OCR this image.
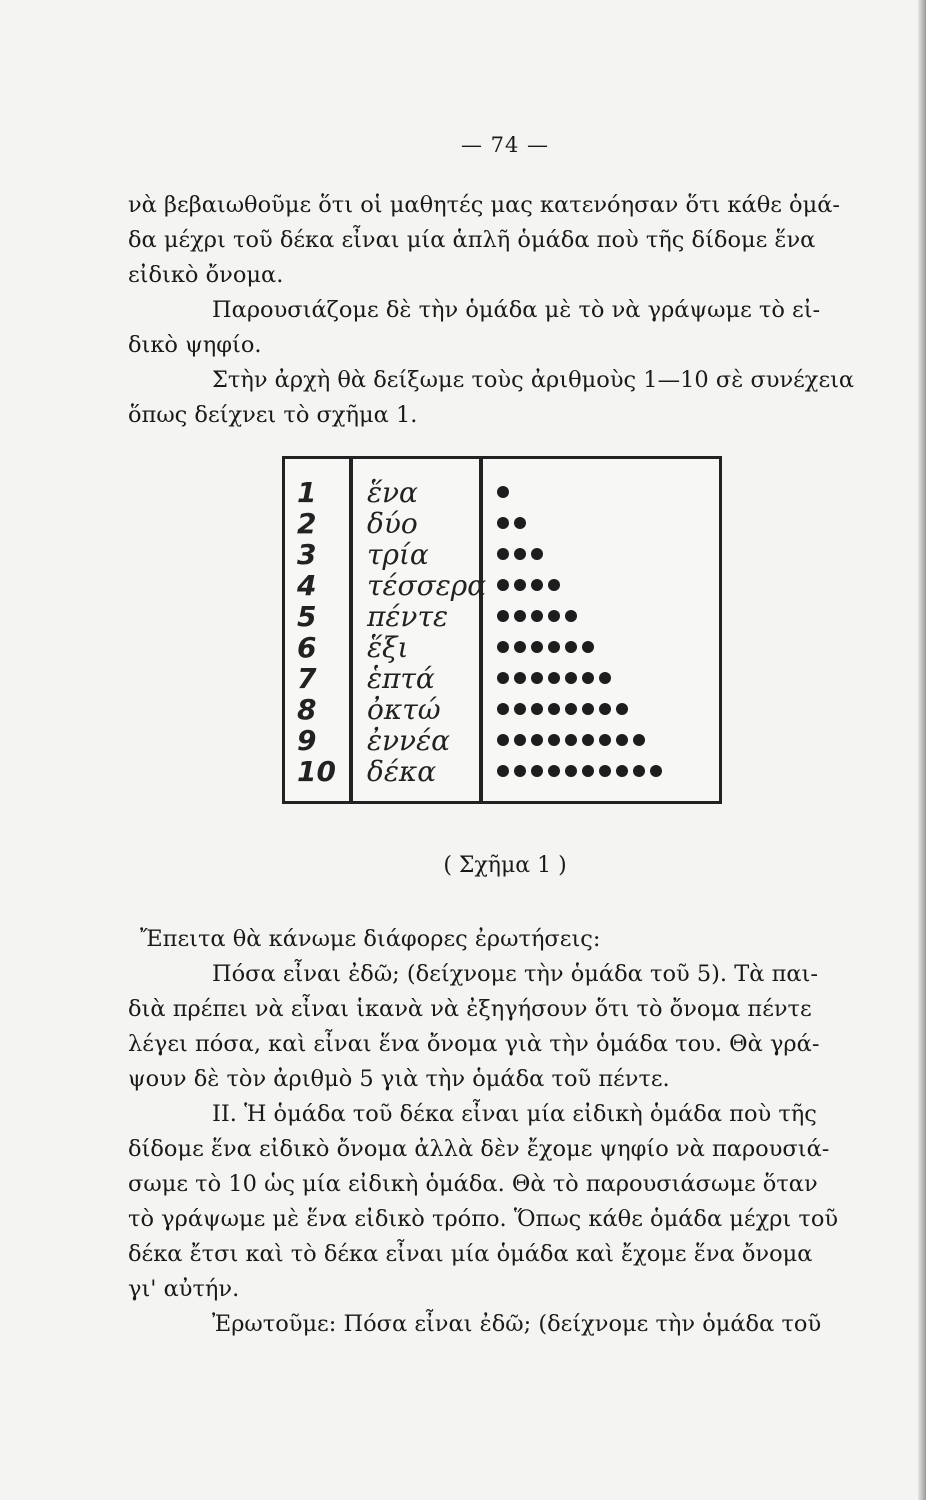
— 74 —

νὰ βεβαιωθοῦμε ὅτι οἱ μαθητές μας κατενόησαν ὅτι κάθε ὁμά-

δα μέχρι τοῦ δέκα εἶναι μία ἁπλῆ ὁμάδα ποὺ τῆς δίδομε ἕνα

εἰδικὸ ὄνομα.

Παρουσιάζομε δὲ τὴν ὁμάδα μὲ τὸ νὰ γράψωμε τὸ εἰ-

δικὸ ψηφίο.

Στὴν ἀρχὴ θὰ δείξωμε τοὺς ἀριθμοὺς 1—10 σὲ συνέχεια

ὅπως δείχνει τὸ σχῆμα 1.

1
2
3
4
5
6
7
8
9
10
ἕνα
δύο
τρία
τέσσερα
πέντε
ἕξι
ἑπτά
ὀκτώ
ἐννέα
δέκα
( Σχῆμα 1 )

Ἔπειτα θὰ κάνωμε διάφορες ἐρωτήσεις:

Πόσα εἶναι ἐδῶ; (δείχνομε τὴν ὁμάδα τοῦ 5). Τὰ παι-

διὰ πρέπει νὰ εἶναι ἱκανὰ νὰ ἐξηγήσουν ὅτι τὸ ὄνομα πέντε

λέγει πόσα, καὶ εἶναι ἕνα ὄνομα γιὰ τὴν ὁμάδα του. Θὰ γρά-

ψουν δὲ τὸν ἀριθμὸ 5 γιὰ τὴν ὁμάδα τοῦ πέντε.

II. Ἡ ὁμάδα τοῦ δέκα εἶναι μία εἰδικὴ ὁμάδα ποὺ τῆς

δίδομε ἕνα εἰδικὸ ὄνομα ἀλλὰ δὲν ἔχομε ψηφίο νὰ παρουσιά-

σωμε τὸ 10 ὡς μία εἰδικὴ ὁμάδα. Θὰ τὸ παρουσιάσωμε ὅταν

τὸ γράψωμε μὲ ἕνα εἰδικὸ τρόπο. Ὅπως κάθε ὁμάδα μέχρι τοῦ

δέκα ἔτσι καὶ τὸ δέκα εἶναι μία ὁμάδα καὶ ἔχομε ἕνα ὄνομα

γι' αὐτήν.

Ἐρωτοῦμε: Πόσα εἶναι ἐδῶ; (δείχνομε τὴν ὁμάδα τοῦ
